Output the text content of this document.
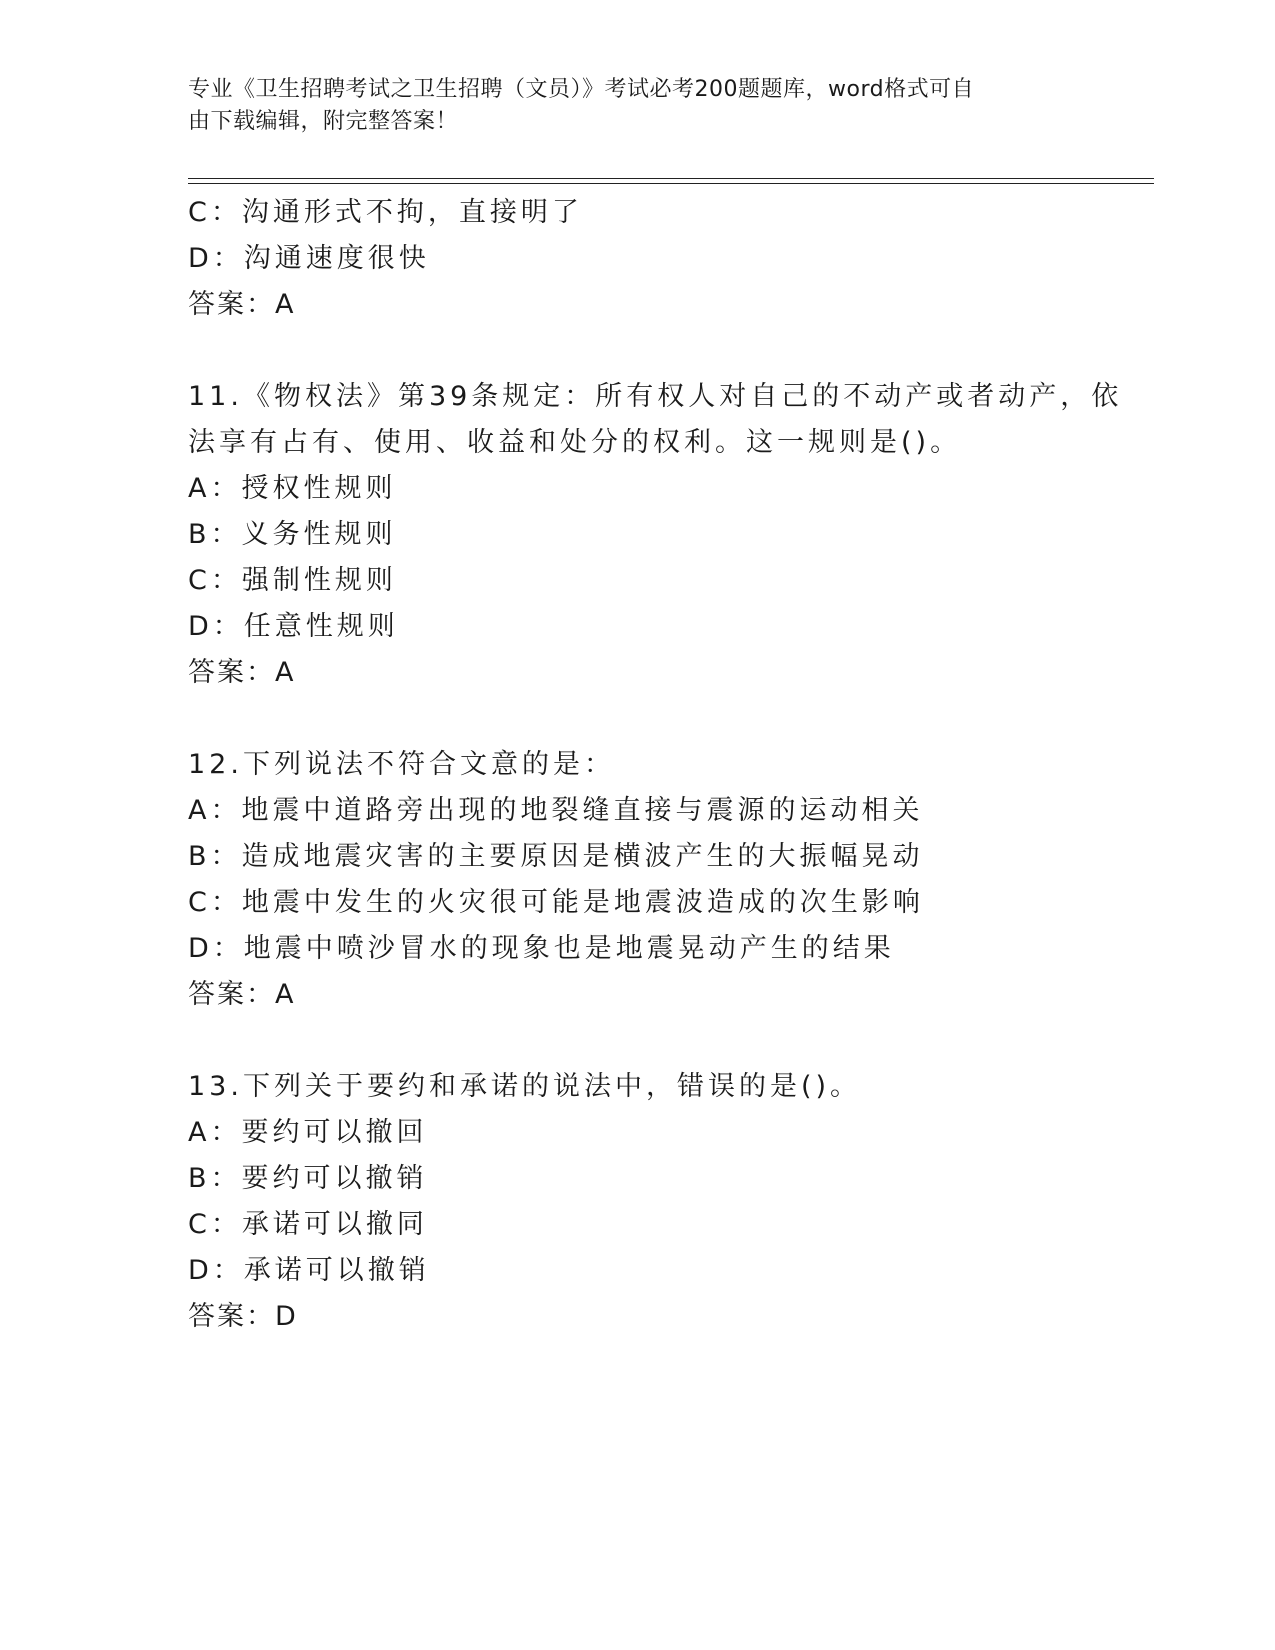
专业《卫生招聘考试之卫生招聘（文员）》考试必考200题题库，word格式可自
由下载编辑，附完整答案！
C：沟通形式不拘，直接明了
D：沟通速度很快
答案：A
11.《物权法》第39条规定：所有权人对自己的不动产或者动产，依
法享有占有、使用、收益和处分的权利。这一规则是()。
A：授权性规则
B：义务性规则
C：强制性规则
D：任意性规则
答案：A
12.下列说法不符合文意的是：
A：地震中道路旁出现的地裂缝直接与震源的运动相关
B：造成地震灾害的主要原因是横波产生的大振幅晃动
C：地震中发生的火灾很可能是地震波造成的次生影响
D：地震中喷沙冒水的现象也是地震晃动产生的结果
答案：A
13.下列关于要约和承诺的说法中，错误的是()。
A：要约可以撤回
B：要约可以撤销
C：承诺可以撤同
D：承诺可以撤销
答案：D
